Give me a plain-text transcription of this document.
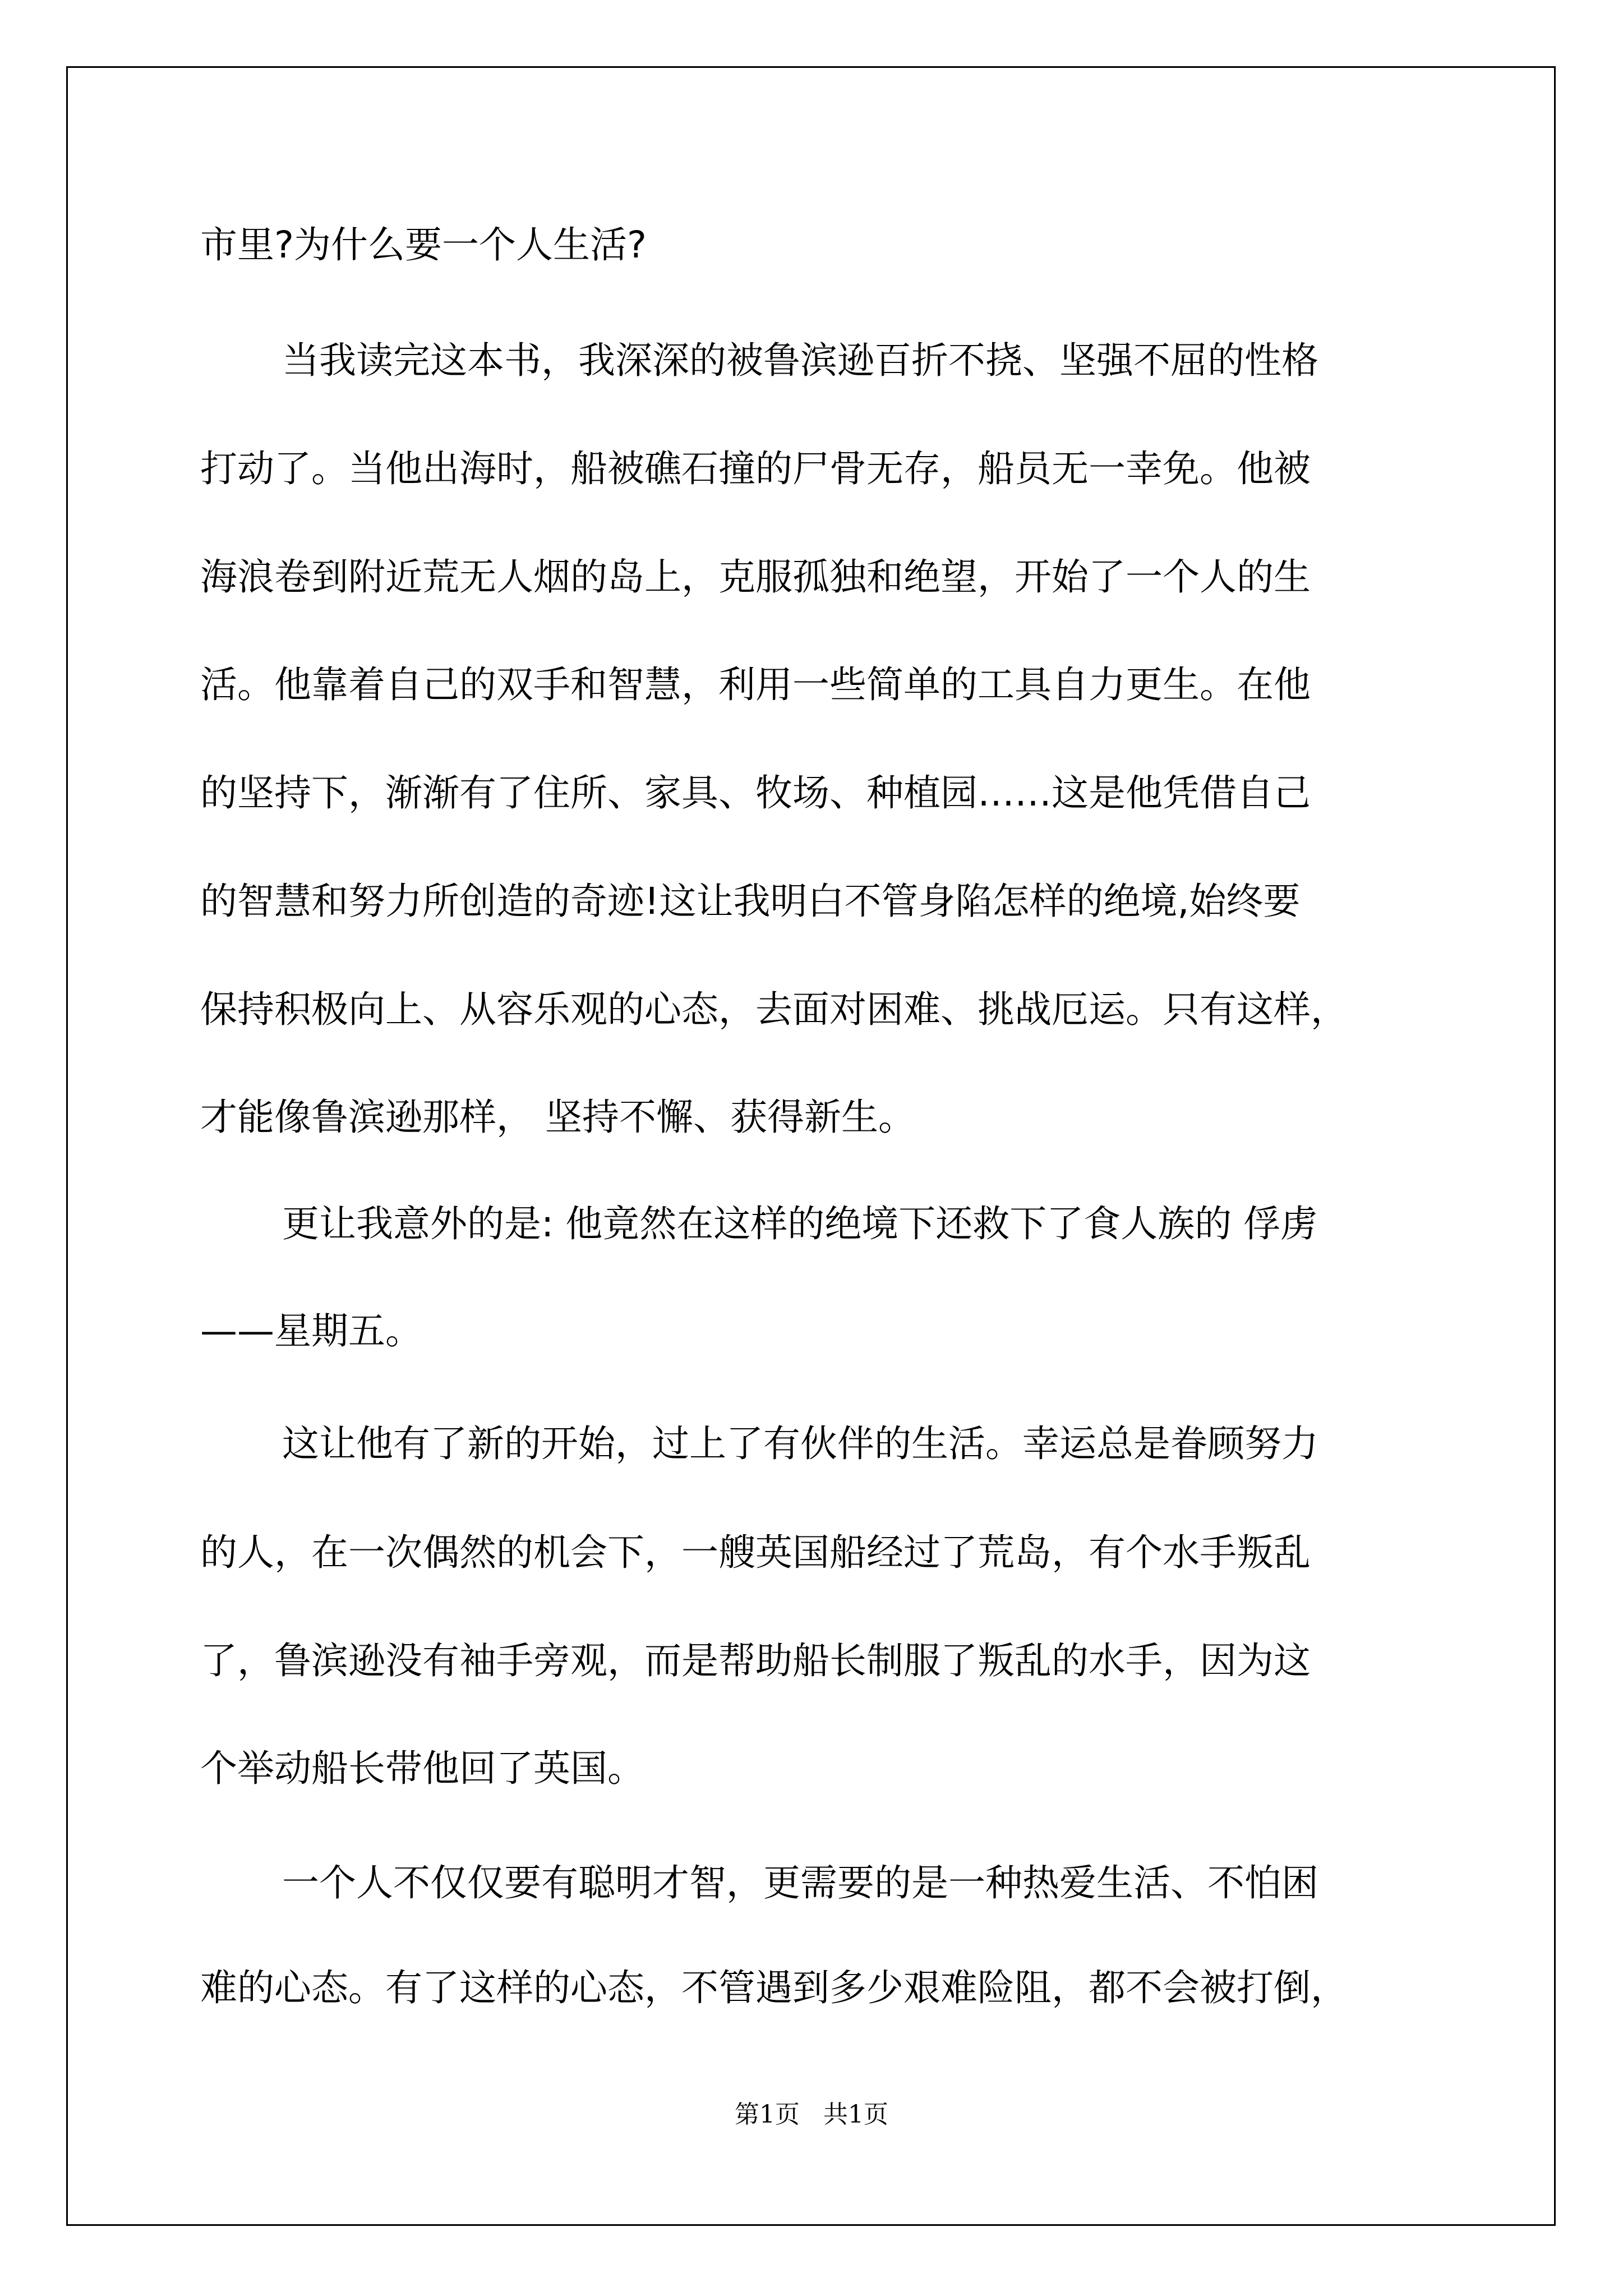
市里?为什么要一个人生活?

当我读完这本书，我深深的被鲁滨逊百折不挠、坚强不屈的性格

打动了。当他出海时，船被礁石撞的尸骨无存，船员无一幸免。他被

海浪卷到附近荒无人烟的岛上，克服孤独和绝望，开始了一个人的生

活。他靠着自己的双手和智慧，利用一些简单的工具自力更生。在他

的坚持下，渐渐有了住所、家具、牧场、种植园……这是他凭借自己

的智慧和努力所创造的奇迹!这让我明白不管身陷怎样的绝境,始终要

保持积极向上、从容乐观的心态，去面对困难、挑战厄运。只有这样，

才能像鲁滨逊那样， 坚持不懈、获得新生。

更让我意外的是: 他竟然在这样的绝境下还救下了食人族的 俘虏

——星期五。

这让他有了新的开始，过上了有伙伴的生活。幸运总是眷顾努力

的人，在一次偶然的机会下，一艘英国船经过了荒岛，有个水手叛乱

了，鲁滨逊没有袖手旁观，而是帮助船长制服了叛乱的水手，因为这

个举动船长带他回了英国。

一个人不仅仅要有聪明才智，更需要的是一种热爱生活、不怕困

难的心态。有了这样的心态，不管遇到多少艰难险阻，都不会被打倒，

第1页   共1页
